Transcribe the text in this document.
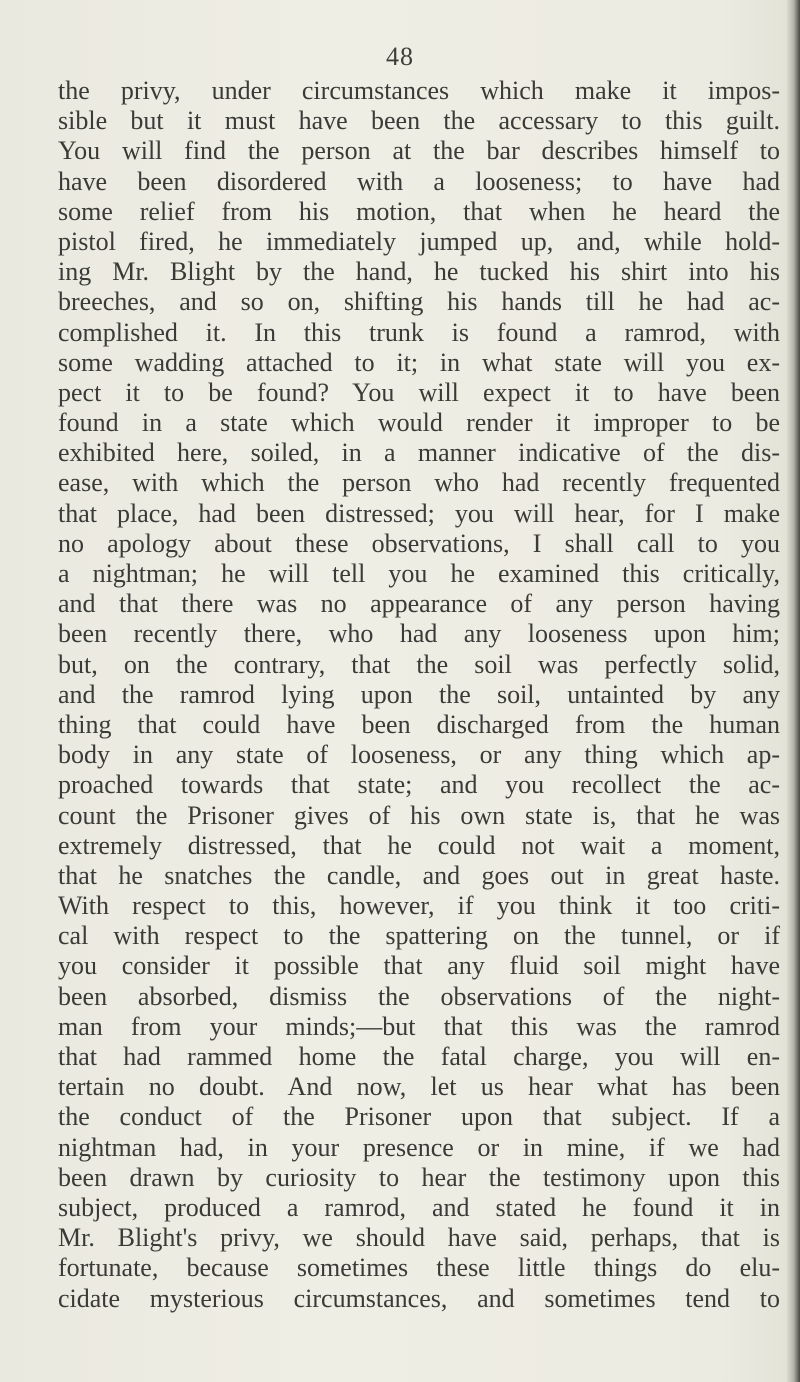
48
the privy, under circumstances which make it impos-
sible but it must have been the accessary to this guilt.
You will find the person at the bar describes himself to
have been disordered with a looseness; to have had
some relief from his motion, that when he heard the
pistol fired, he immediately jumped up, and, while hold-
ing Mr. Blight by the hand, he tucked his shirt into his
breeches, and so on, shifting his hands till he had ac-
complished it. In this trunk is found a ramrod, with
some wadding attached to it; in what state will you ex-
pect it to be found? You will expect it to have been
found in a state which would render it improper to be
exhibited here, soiled, in a manner indicative of the dis-
ease, with which the person who had recently frequented
that place, had been distressed; you will hear, for I make
no apology about these observations, I shall call to you
a nightman; he will tell you he examined this critically,
and that there was no appearance of any person having
been recently there, who had any looseness upon him;
but, on the contrary, that the soil was perfectly solid,
and the ramrod lying upon the soil, untainted by any
thing that could have been discharged from the human
body in any state of looseness, or any thing which ap-
proached towards that state; and you recollect the ac-
count the Prisoner gives of his own state is, that he was
extremely distressed, that he could not wait a moment,
that he snatches the candle, and goes out in great haste.
With respect to this, however, if you think it too criti-
cal with respect to the spattering on the tunnel, or if
you consider it possible that any fluid soil might have
been absorbed, dismiss the observations of the night-
man from your minds;—but that this was the ramrod
that had rammed home the fatal charge, you will en-
tertain no doubt. And now, let us hear what has been
the conduct of the Prisoner upon that subject. If a
nightman had, in your presence or in mine, if we had
been drawn by curiosity to hear the testimony upon this
subject, produced a ramrod, and stated he found it in
Mr. Blight's privy, we should have said, perhaps, that is
fortunate, because sometimes these little things do elu-
cidate mysterious circumstances, and sometimes tend to
